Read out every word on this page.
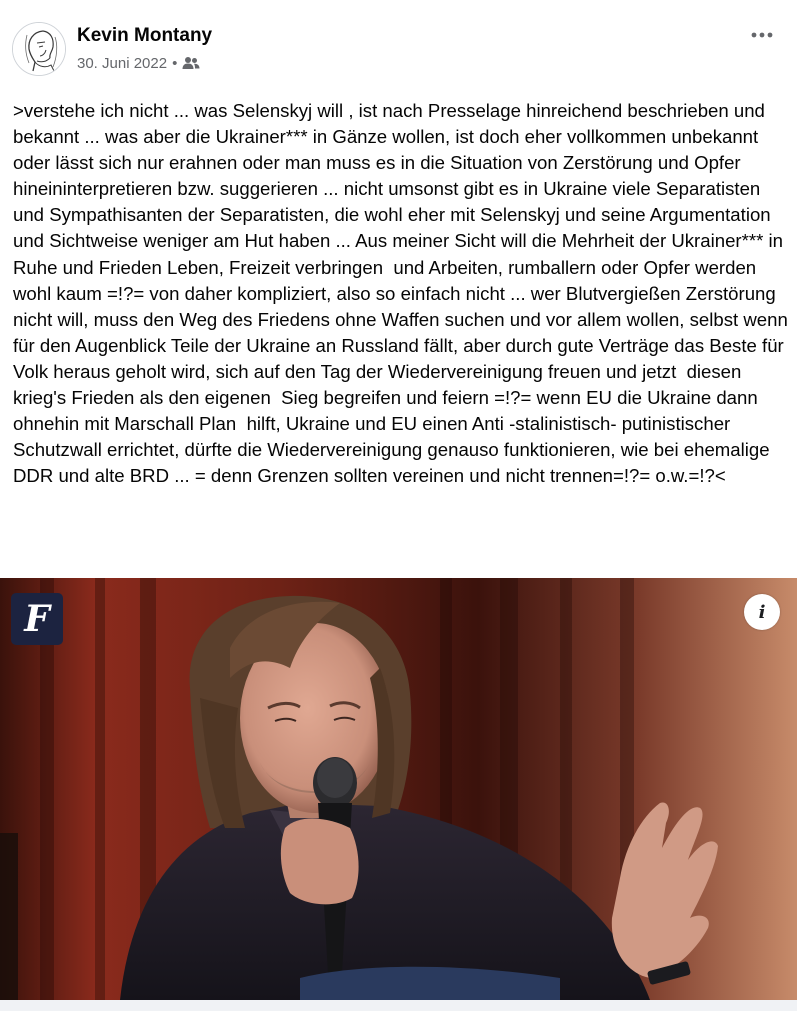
Kevin Montany
30. Juni 2022 •
>verstehe ich nicht ... was Selenskyj will , ist nach Presselage hinreichend beschrieben und  bekannt ... was aber die Ukrainer*** in Gänze wollen, ist doch eher vollkommen unbekannt oder lässt sich nur erahnen oder man muss es in die Situation von Zerstörung und Opfer hineininterpretieren bzw. suggerieren ... nicht umsonst gibt es in Ukraine viele Separatisten und Sympathisanten der Separatisten, die wohl eher mit Selenskyj und seine Argumentation und Sichtweise weniger am Hut haben ... Aus meiner Sicht will die Mehrheit der Ukrainer*** in Ruhe und Frieden Leben, Freizeit verbringen  und Arbeiten, rumballern oder Opfer werden wohl kaum =!?= von daher kompliziert, also so einfach nicht ... wer Blutvergießen Zerstörung nicht will, muss den Weg des Friedens ohne Waffen suchen und vor allem wollen, selbst wenn für den Augenblick Teile der Ukraine an Russland fällt, aber durch gute Verträge das Beste für Volk heraus geholt wird, sich auf den Tag der Wiedervereinigung freuen und jetzt  diesen krieg's Frieden als den eigenen  Sieg begreifen und feiern =!?= wenn EU die Ukraine dann ohnehin mit Marschall Plan  hilft, Ukraine und EU einen Anti -stalinistisch- putinistischer Schutzwall errichtet, dürfte die Wiedervereinigung genauso funktionieren, wie bei ehemalige DDR und alte BRD ... = denn Grenzen sollten vereinen und nicht trennen=!?= o.w.=!?<
F	i
